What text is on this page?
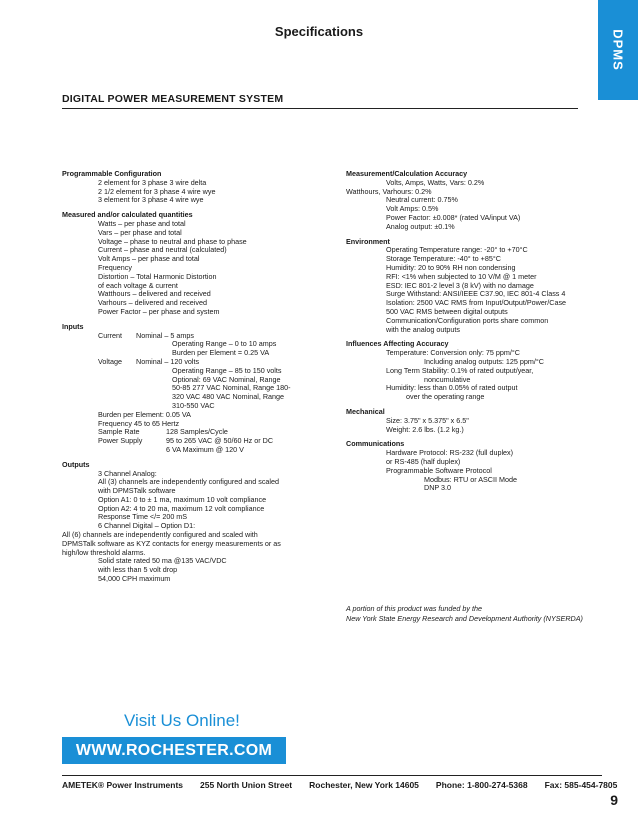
Specifications	DPMS
DIGITAL POWER MEASUREMENT SYSTEM
Programmable Configuration
2 element for 3 phase 3 wire delta
2 1/2 element for 3 phase 4 wire wye
3 element for 3 phase 4 wire wye
Measured and/or calculated quantities
Watts – per phase and total
Vars – per phase and total
Voltage – phase to neutral and phase to phase
Current – phase and neutral (calculated)
Volt Amps – per phase and total
Frequency
Distortion – Total Harmonic Distortion
of each voltage & current
Watthours – delivered and received
Varhours – delivered and received
Power Factor – per phase and system
Inputs
Current Nominal – 5 amps
Operating Range – 0 to 10 amps
Burden per Element = 0.25 VA
Voltage Nominal – 120 volts
Operating Range – 85 to 150 volts
Optional: 69 VAC Nominal, Range
50-85 277 VAC Nominal, Range 180-
320 VAC 480 VAC Nominal, Range
310-550 VAC
Burden per Element: 0.05 VA
Frequency 45 to 65 Hertz
Sample Rate	128 Samples/Cycle
Power Supply	95 to 265 VAC @ 50/60 Hz or DC
6 VA Maximum @ 120 V
Outputs
3 Channel Analog:
All (3) channels are independently configured and scaled
with DPMSTalk software
Option A1: 0 to ± 1 ma, maximum 10 volt compliance
Option A2: 4 to 20 ma, maximum 12 volt compliance
Response Time </= 200 mS
6 Channel Digital – Option D1:
All (6) channels are independently configured and scaled with
DPMSTalk software as KYZ contacts for energy measurements or as
high/low threshold alarms.
Solid state rated 50 ma @135 VAC/VDC
with less than 5 volt drop
54,000 CPH maximum
Measurement/Calculation Accuracy
Volts, Amps, Watts, Vars: 0.2%
Watthours, Varhours: 0.2%
Neutral current: 0.75%
Volt Amps: 0.5%
Power Factor: ±0.008* (rated VA/input VA)
Analog output: ±0.1%
Environment
Operating Temperature range: -20° to +70°C
Storage Temperature: -40° to +85°C
Humidity: 20 to 90% RH non condensing
RFI: <1% when subjected to 10 V/M @ 1 meter
ESD: IEC 801-2 level 3 (8 kV) with no damage
Surge Withstand: ANSI/IEEE C37.90, IEC 801-4 Class 4
Isolation: 2500 VAC RMS from Input/Output/Power/Case
500 VAC RMS between digital outputs
Communication/Configuration ports share common
with the analog outputs
Influences Affecting Accuracy
Temperature: Conversion only: 75 ppm/°C
Including analog outputs: 125 ppm/°C
Long Term Stability: 0.1% of rated output/year,
noncumulative
Humidity: less than 0.05% of rated output
over the operating range
Mechanical
Size: 3.75" x 5.375" x 6.5"
Weight: 2.6 lbs. (1.2 kg.)
Communications
Hardware Protocol: RS-232 (full duplex)
or RS-485 (half duplex)
Programmable Software Protocol
Modbus: RTU or ASCII Mode
DNP 3.0
A portion of this product was funded by the
New York State Energy Research and Development Authority (NYSERDA)
Visit Us Online!
WWW.ROCHESTER.COM
AMETEK® Power Instruments 255 North Union Street Rochester, New York 14605 Phone: 1-800-274-5368 Fax: 585-454-7805
9
